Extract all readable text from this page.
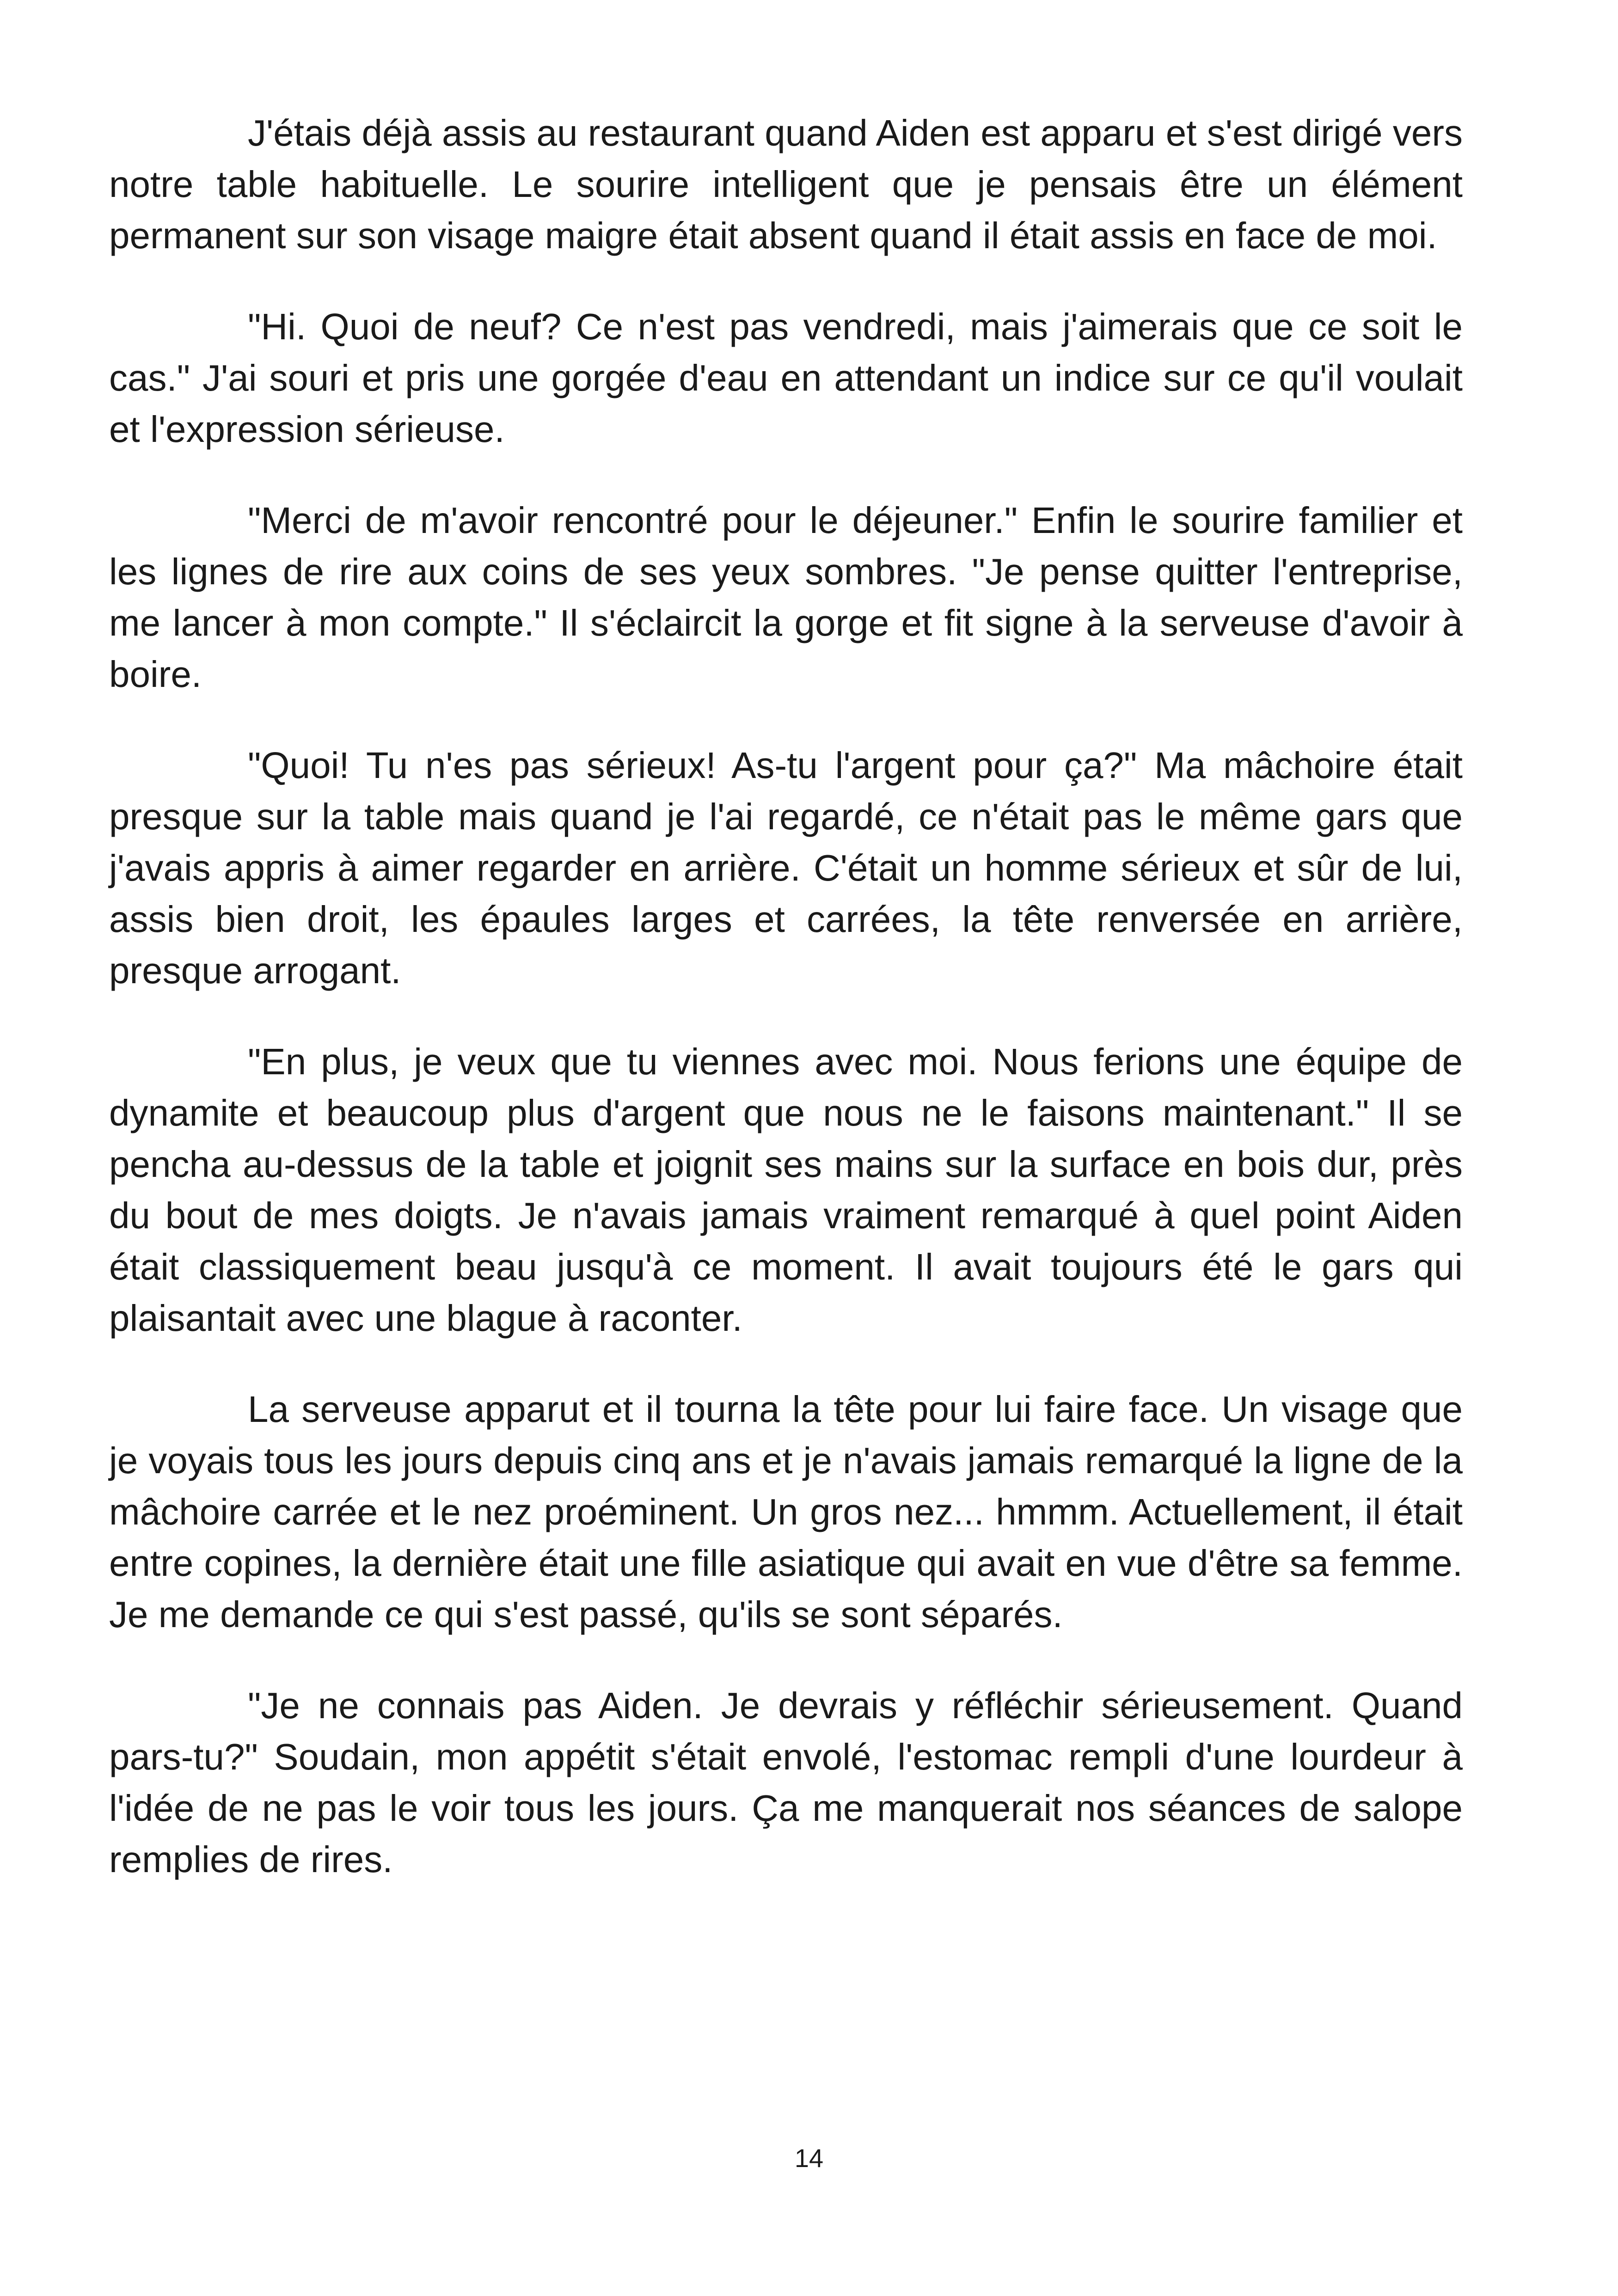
J'étais déjà assis au restaurant quand Aiden est apparu et s'est dirigé vers notre table habituelle. Le sourire intelligent que je pensais être un élément permanent sur son visage maigre était absent quand il était assis en face de moi.

"Hi. Quoi de neuf? Ce n'est pas vendredi, mais j'aimerais que ce soit le cas." J'ai souri et pris une gorgée d'eau en attendant un indice sur ce qu'il voulait et l'expression sérieuse.

"Merci de m'avoir rencontré pour le déjeuner." Enfin le sourire familier et les lignes de rire aux coins de ses yeux sombres. "Je pense quitter l'entreprise, me lancer à mon compte." Il s'éclaircit la gorge et fit signe à la serveuse d'avoir à boire.

"Quoi! Tu n'es pas sérieux! As-tu l'argent pour ça?" Ma mâchoire était presque sur la table mais quand je l'ai regardé, ce n'était pas le même gars que j'avais appris à aimer regarder en arrière. C'était un homme sérieux et sûr de lui, assis bien droit, les épaules larges et carrées, la tête renversée en arrière, presque arrogant.

"En plus, je veux que tu viennes avec moi. Nous ferions une équipe de dynamite et beaucoup plus d'argent que nous ne le faisons maintenant." Il se pencha au-dessus de la table et joignit ses mains sur la surface en bois dur, près du bout de mes doigts. Je n'avais jamais vraiment remarqué à quel point Aiden était classiquement beau jusqu'à ce moment. Il avait toujours été le gars qui plaisantait avec une blague à raconter.

La serveuse apparut et il tourna la tête pour lui faire face. Un visage que je voyais tous les jours depuis cinq ans et je n'avais jamais remarqué la ligne de la mâchoire carrée et le nez proéminent. Un gros nez... hmmm. Actuellement, il était entre copines, la dernière était une fille asiatique qui avait en vue d'être sa femme. Je me demande ce qui s'est passé, qu'ils se sont séparés.

"Je ne connais pas Aiden. Je devrais y réfléchir sérieusement. Quand pars-tu?" Soudain, mon appétit s'était envolé, l'estomac rempli d'une lourdeur à l'idée de ne pas le voir tous les jours. Ça me manquerait nos séances de salope remplies de rires.

14
